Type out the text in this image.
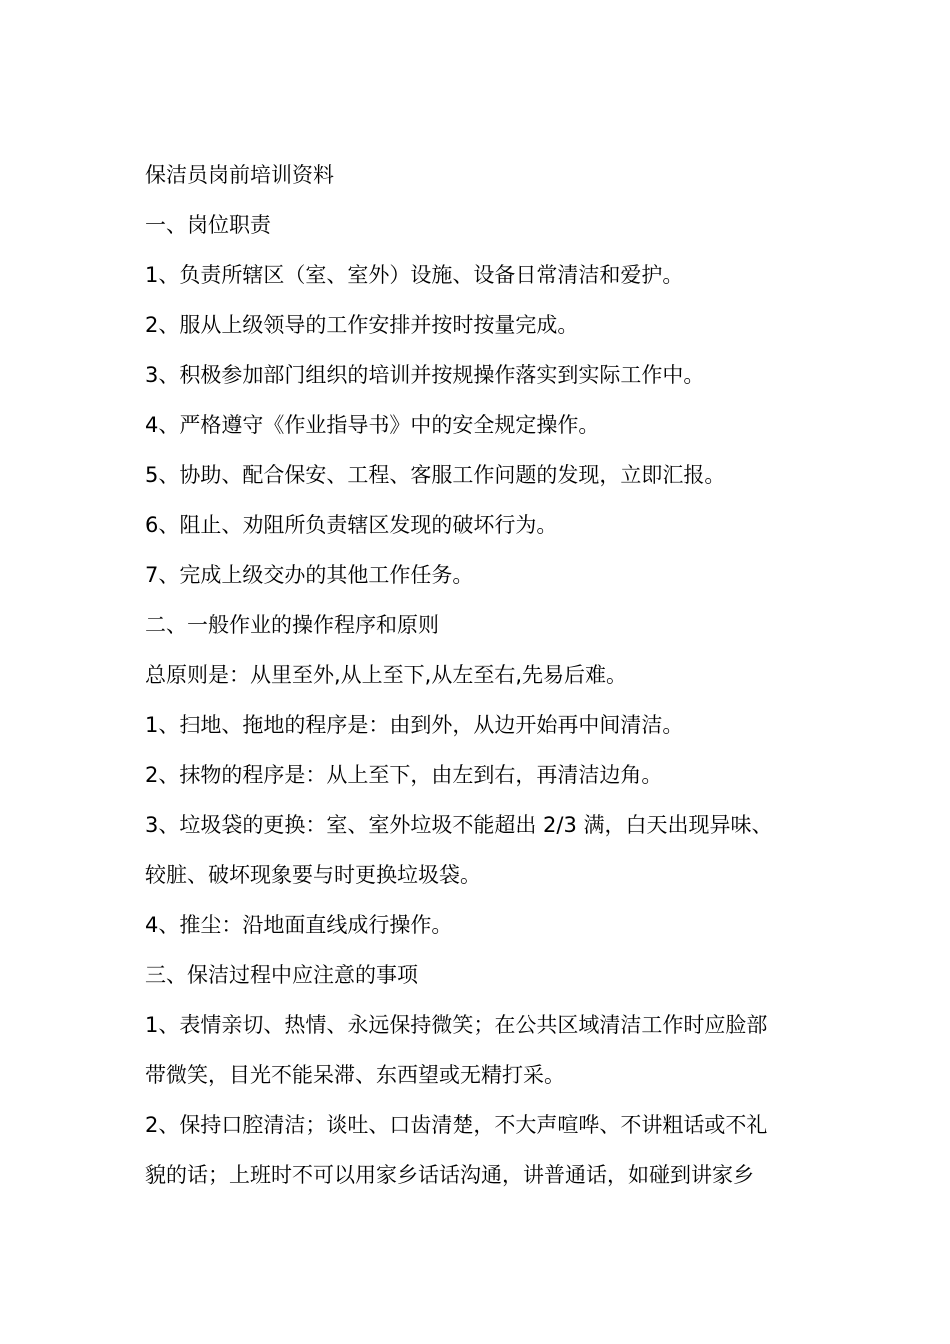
保洁员岗前培训资料
一、岗位职责
1、负责所辖区（室、室外）设施、设备日常清洁和爱护。
2、服从上级领导的工作安排并按时按量完成。
3、积极参加部门组织的培训并按规操作落实到实际工作中。
4、严格遵守《作业指导书》中的安全规定操作。
5、协助、配合保安、工程、客服工作问题的发现，立即汇报。
6、阻止、劝阻所负责辖区发现的破坏行为。
7、完成上级交办的其他工作任务。
二、一般作业的操作程序和原则
总原则是：从里至外,从上至下,从左至右,先易后难。
1、扫地、拖地的程序是：由到外，从边开始再中间清洁。
2、抹物的程序是：从上至下，由左到右，再清洁边角。
3、垃圾袋的更换：室、室外垃圾不能超出 2/3 满，白天出现异味、
较脏、破坏现象要与时更换垃圾袋。
4、推尘：沿地面直线成行操作。
三、保洁过程中应注意的事项
1、表情亲切、热情、永远保持微笑；在公共区域清洁工作时应脸部
带微笑，目光不能呆滞、东西望或无精打采。
2、保持口腔清洁；谈吐、口齿清楚，不大声喧哗、不讲粗话或不礼
貌的话；上班时不可以用家乡话话沟通，讲普通话，如碰到讲家乡
